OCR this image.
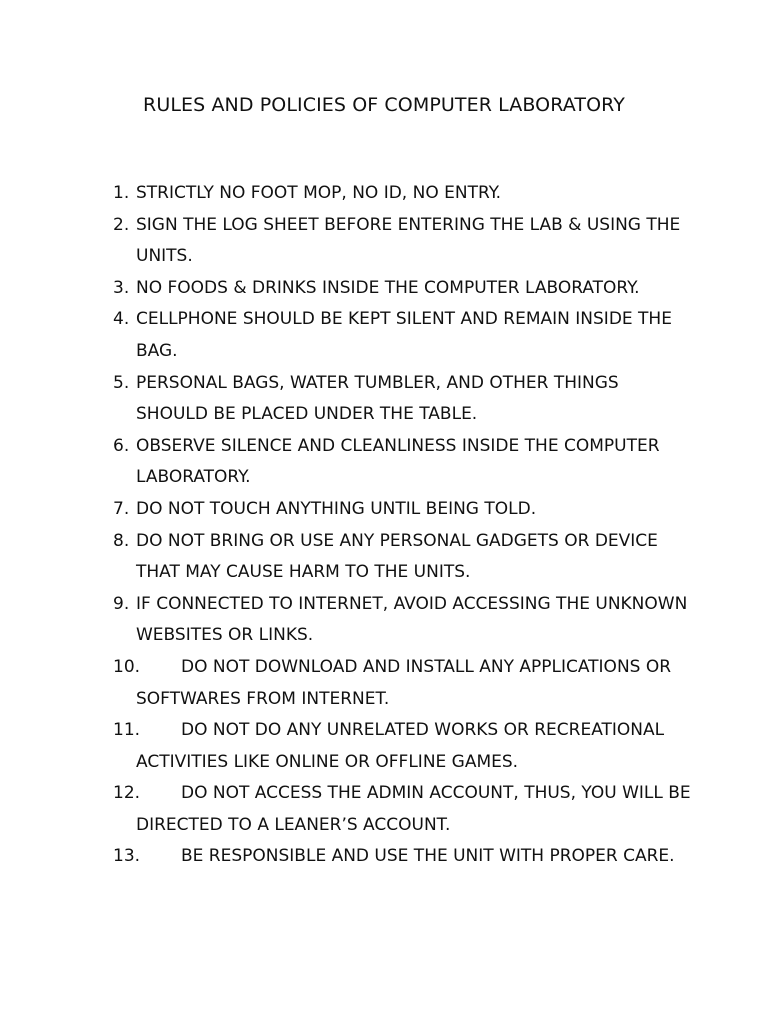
RULES AND POLICIES OF COMPUTER LABORATORY
1. STRICTLY NO FOOT MOP, NO ID, NO ENTRY.
2. SIGN THE LOG SHEET BEFORE ENTERING THE LAB & USING THE UNITS.
3. NO FOODS & DRINKS INSIDE THE COMPUTER LABORATORY.
4. CELLPHONE SHOULD BE KEPT SILENT AND REMAIN INSIDE THE BAG.
5. PERSONAL BAGS, WATER TUMBLER, AND OTHER THINGS SHOULD BE PLACED UNDER THE TABLE.
6. OBSERVE SILENCE AND CLEANLINESS INSIDE THE COMPUTER LABORATORY.
7. DO NOT TOUCH ANYTHING UNTIL BEING TOLD.
8. DO NOT BRING OR USE ANY PERSONAL GADGETS OR DEVICE THAT MAY CAUSE HARM TO THE UNITS.
9. IF CONNECTED TO INTERNET, AVOID ACCESSING THE UNKNOWN WEBSITES OR LINKS.
10.	DO NOT DOWNLOAD AND INSTALL ANY APPLICATIONS OR SOFTWARES FROM INTERNET.
11.	DO NOT DO ANY UNRELATED WORKS OR RECREATIONAL ACTIVITIES LIKE ONLINE OR OFFLINE GAMES.
12.	DO NOT ACCESS THE ADMIN ACCOUNT, THUS, YOU WILL BE DIRECTED TO A LEANER’S ACCOUNT.
13.	BE RESPONSIBLE AND USE THE UNIT WITH PROPER CARE.
